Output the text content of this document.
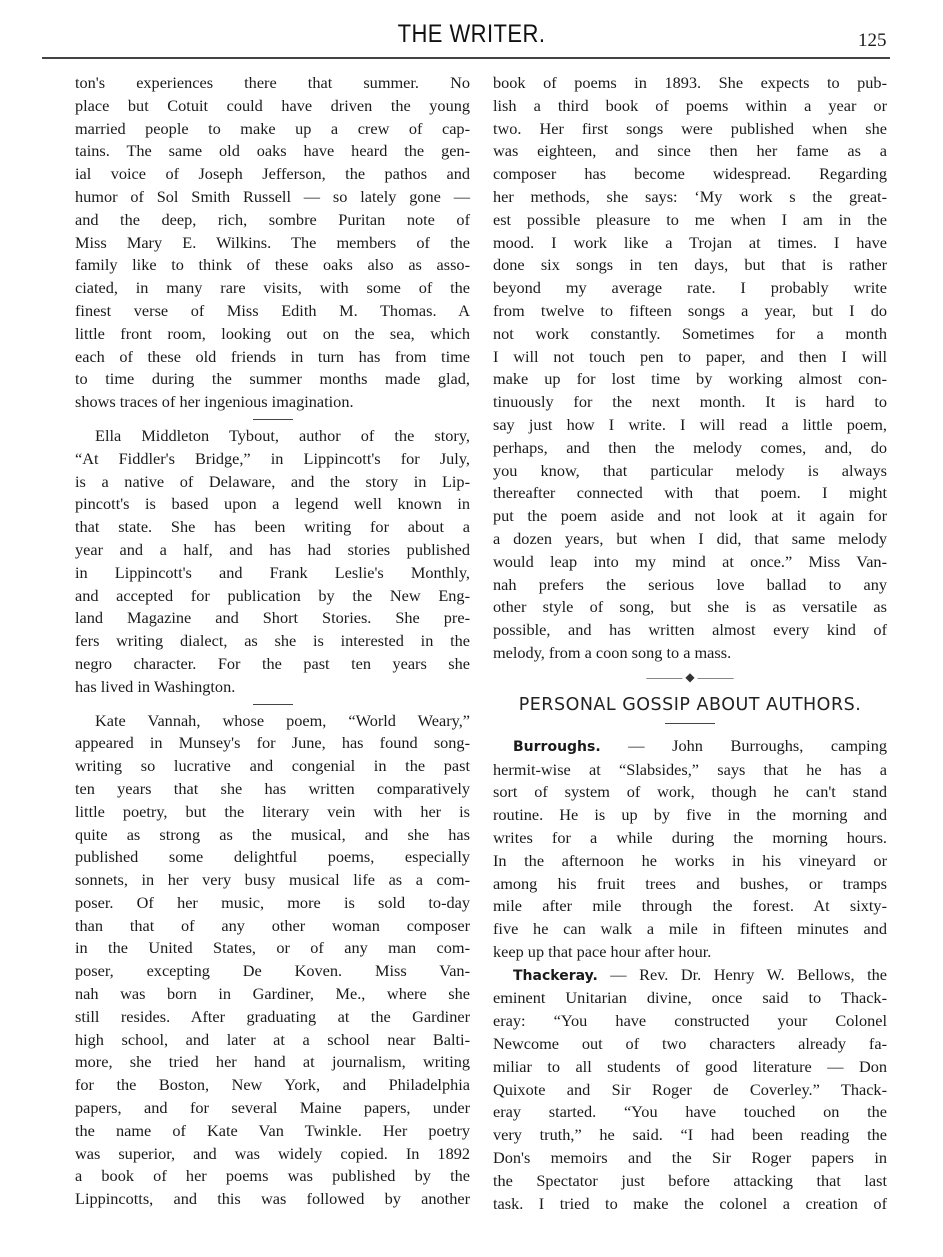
THE WRITER.	125
ton's experiences there that summer. No
place but Cotuit could have driven the young
married people to make up a crew of cap-
tains. The same old oaks have heard the gen-
ial voice of Joseph Jefferson, the pathos and
humor of Sol Smith Russell — so lately gone —
and the deep, rich, sombre Puritan note of
Miss Mary E. Wilkins. The members of the
family like to think of these oaks also as asso-
ciated, in many rare visits, with some of the
finest verse of Miss Edith M. Thomas. A
little front room, looking out on the sea, which
each of these old friends in turn has from time
to time during the summer months made glad,
shows traces of her ingenious imagination.
Ella Middleton Tybout, author of the story,
“At Fiddler's Bridge,” in Lippincott's for July,
is a native of Delaware, and the story in Lip-
pincott's is based upon a legend well known in
that state. She has been writing for about a
year and a half, and has had stories published
in Lippincott's and Frank Leslie's Monthly,
and accepted for publication by the New Eng-
land Magazine and Short Stories. She pre-
fers writing dialect, as she is interested in the
negro character. For the past ten years she
has lived in Washington.
Kate Vannah, whose poem, “World Weary,”
appeared in Munsey's for June, has found song-
writing so lucrative and congenial in the past
ten years that she has written comparatively
little poetry, but the literary vein with her is
quite as strong as the musical, and she has
published some delightful poems, especially
sonnets, in her very busy musical life as a com-
poser. Of her music, more is sold to-day
than that of any other woman composer
in the United States, or of any man com-
poser, excepting De Koven. Miss Van-
nah was born in Gardiner, Me., where she
still resides. After graduating at the Gardiner
high school, and later at a school near Balti-
more, she tried her hand at journalism, writing
for the Boston, New York, and Philadelphia
papers, and for several Maine papers, under
the name of Kate Van Twinkle. Her poetry
was superior, and was widely copied. In 1892
a book of her poems was published by the
Lippincotts, and this was followed by another
book of poems in 1893. She expects to pub-
lish a third book of poems within a year or
two. Her first songs were published when she
was eighteen, and since then her fame as a
composer has become widespread. Regarding
her methods, she says: ‘My work s the great-
est possible pleasure to me when I am in the
mood. I work like a Trojan at times. I have
done six songs in ten days, but that is rather
beyond my average rate. I probably write
from twelve to fifteen songs a year, but I do
not work constantly. Sometimes for a month
I will not touch pen to paper, and then I will
make up for lost time by working almost con-
tinuously for the next month. It is hard to
say just how I write. I will read a little poem,
perhaps, and then the melody comes, and, do
you know, that particular melody is always
thereafter connected with that poem. I might
put the poem aside and not look at it again for
a dozen years, but when I did, that same melody
would leap into my mind at once.” Miss Van-
nah prefers the serious love ballad to any
other style of song, but she is as versatile as
possible, and has written almost every kind of
melody, from a coon song to a mass.
——— ◆ ———
PERSONAL GOSSIP ABOUT AUTHORS.
Burroughs. — John Burroughs, camping
hermit-wise at “Slabsides,” says that he has a
sort of system of work, though he can't stand
routine. He is up by five in the morning and
writes for a while during the morning hours.
In the afternoon he works in his vineyard or
among his fruit trees and bushes, or tramps
mile after mile through the forest. At sixty-
five he can walk a mile in fifteen minutes and
keep up that pace hour after hour.
Thackeray. — Rev. Dr. Henry W. Bellows, the
eminent Unitarian divine, once said to Thack-
eray: “You have constructed your Colonel
Newcome out of two characters already fa-
miliar to all students of good literature — Don
Quixote and Sir Roger de Coverley.” Thack-
eray started. “You have touched on the
very truth,” he said. “I had been reading the
Don's memoirs and the Sir Roger papers in
the Spectator just before attacking that last
task. I tried to make the colonel a creation of
